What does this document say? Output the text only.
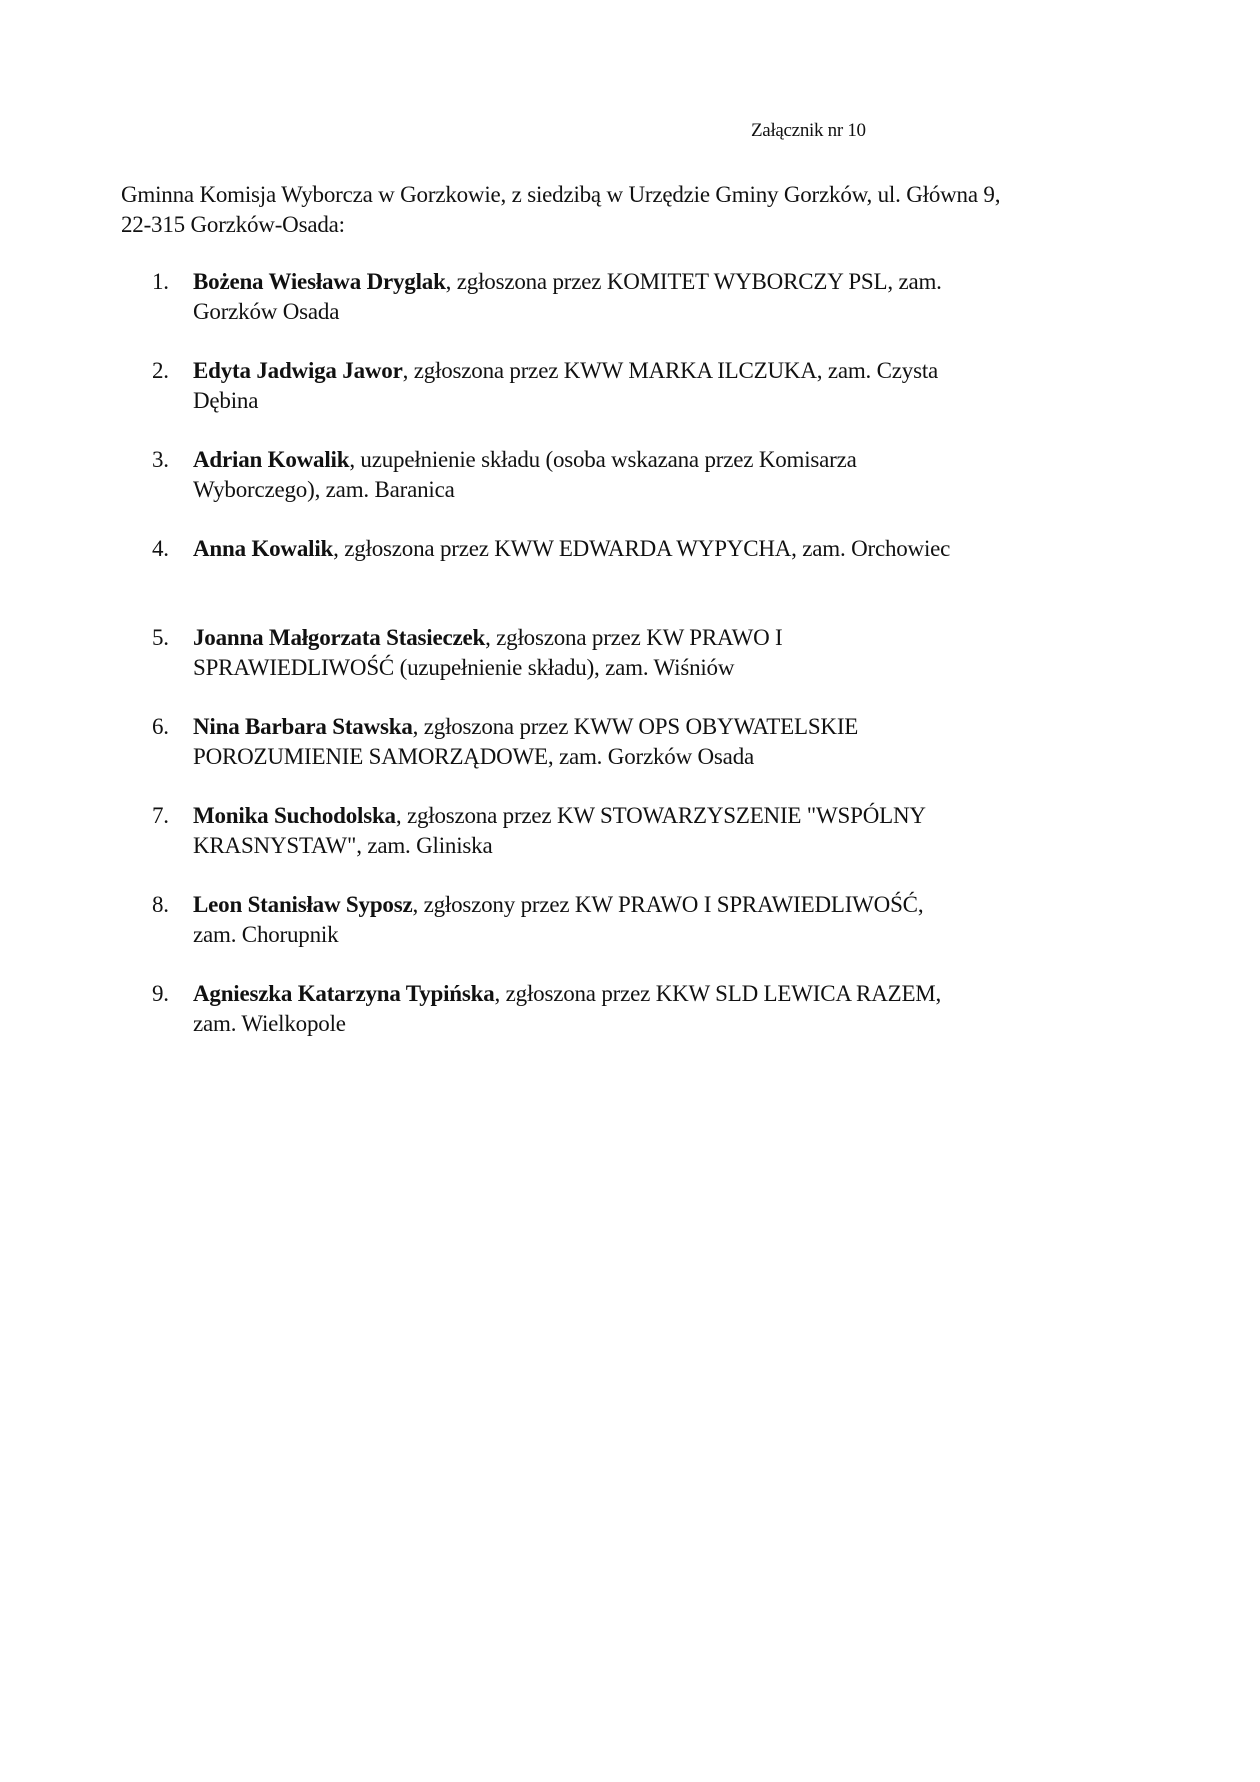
Załącznik nr 10
Gminna Komisja Wyborcza w Gorzkowie, z siedzibą w Urzędzie Gminy Gorzków, ul. Główna 9,
22-315 Gorzków-Osada:
1. Bożena Wiesława Dryglak, zgłoszona przez KOMITET WYBORCZY PSL, zam.
Gorzków Osada
2. Edyta Jadwiga Jawor, zgłoszona przez KWW MARKA ILCZUKA, zam. Czysta
Dębina
3. Adrian Kowalik, uzupełnienie składu (osoba wskazana przez Komisarza
Wyborczego), zam. Baranica
4. Anna Kowalik, zgłoszona przez KWW EDWARDA WYPYCHA, zam. Orchowiec
5. Joanna Małgorzata Stasieczek, zgłoszona przez KW PRAWO I
SPRAWIEDLIWOŚĆ (uzupełnienie składu), zam. Wiśniów
6. Nina Barbara Stawska, zgłoszona przez KWW OPS OBYWATELSKIE
POROZUMIENIE SAMORZĄDOWE, zam. Gorzków Osada
7. Monika Suchodolska, zgłoszona przez KW STOWARZYSZENIE "WSPÓLNY
KRASNYSTAW", zam. Gliniska
8. Leon Stanisław Syposz, zgłoszony przez KW PRAWO I SPRAWIEDLIWOŚĆ,
zam. Chorupnik
9. Agnieszka Katarzyna Typińska, zgłoszona przez KKW SLD LEWICA RAZEM,
zam. Wielkopole
